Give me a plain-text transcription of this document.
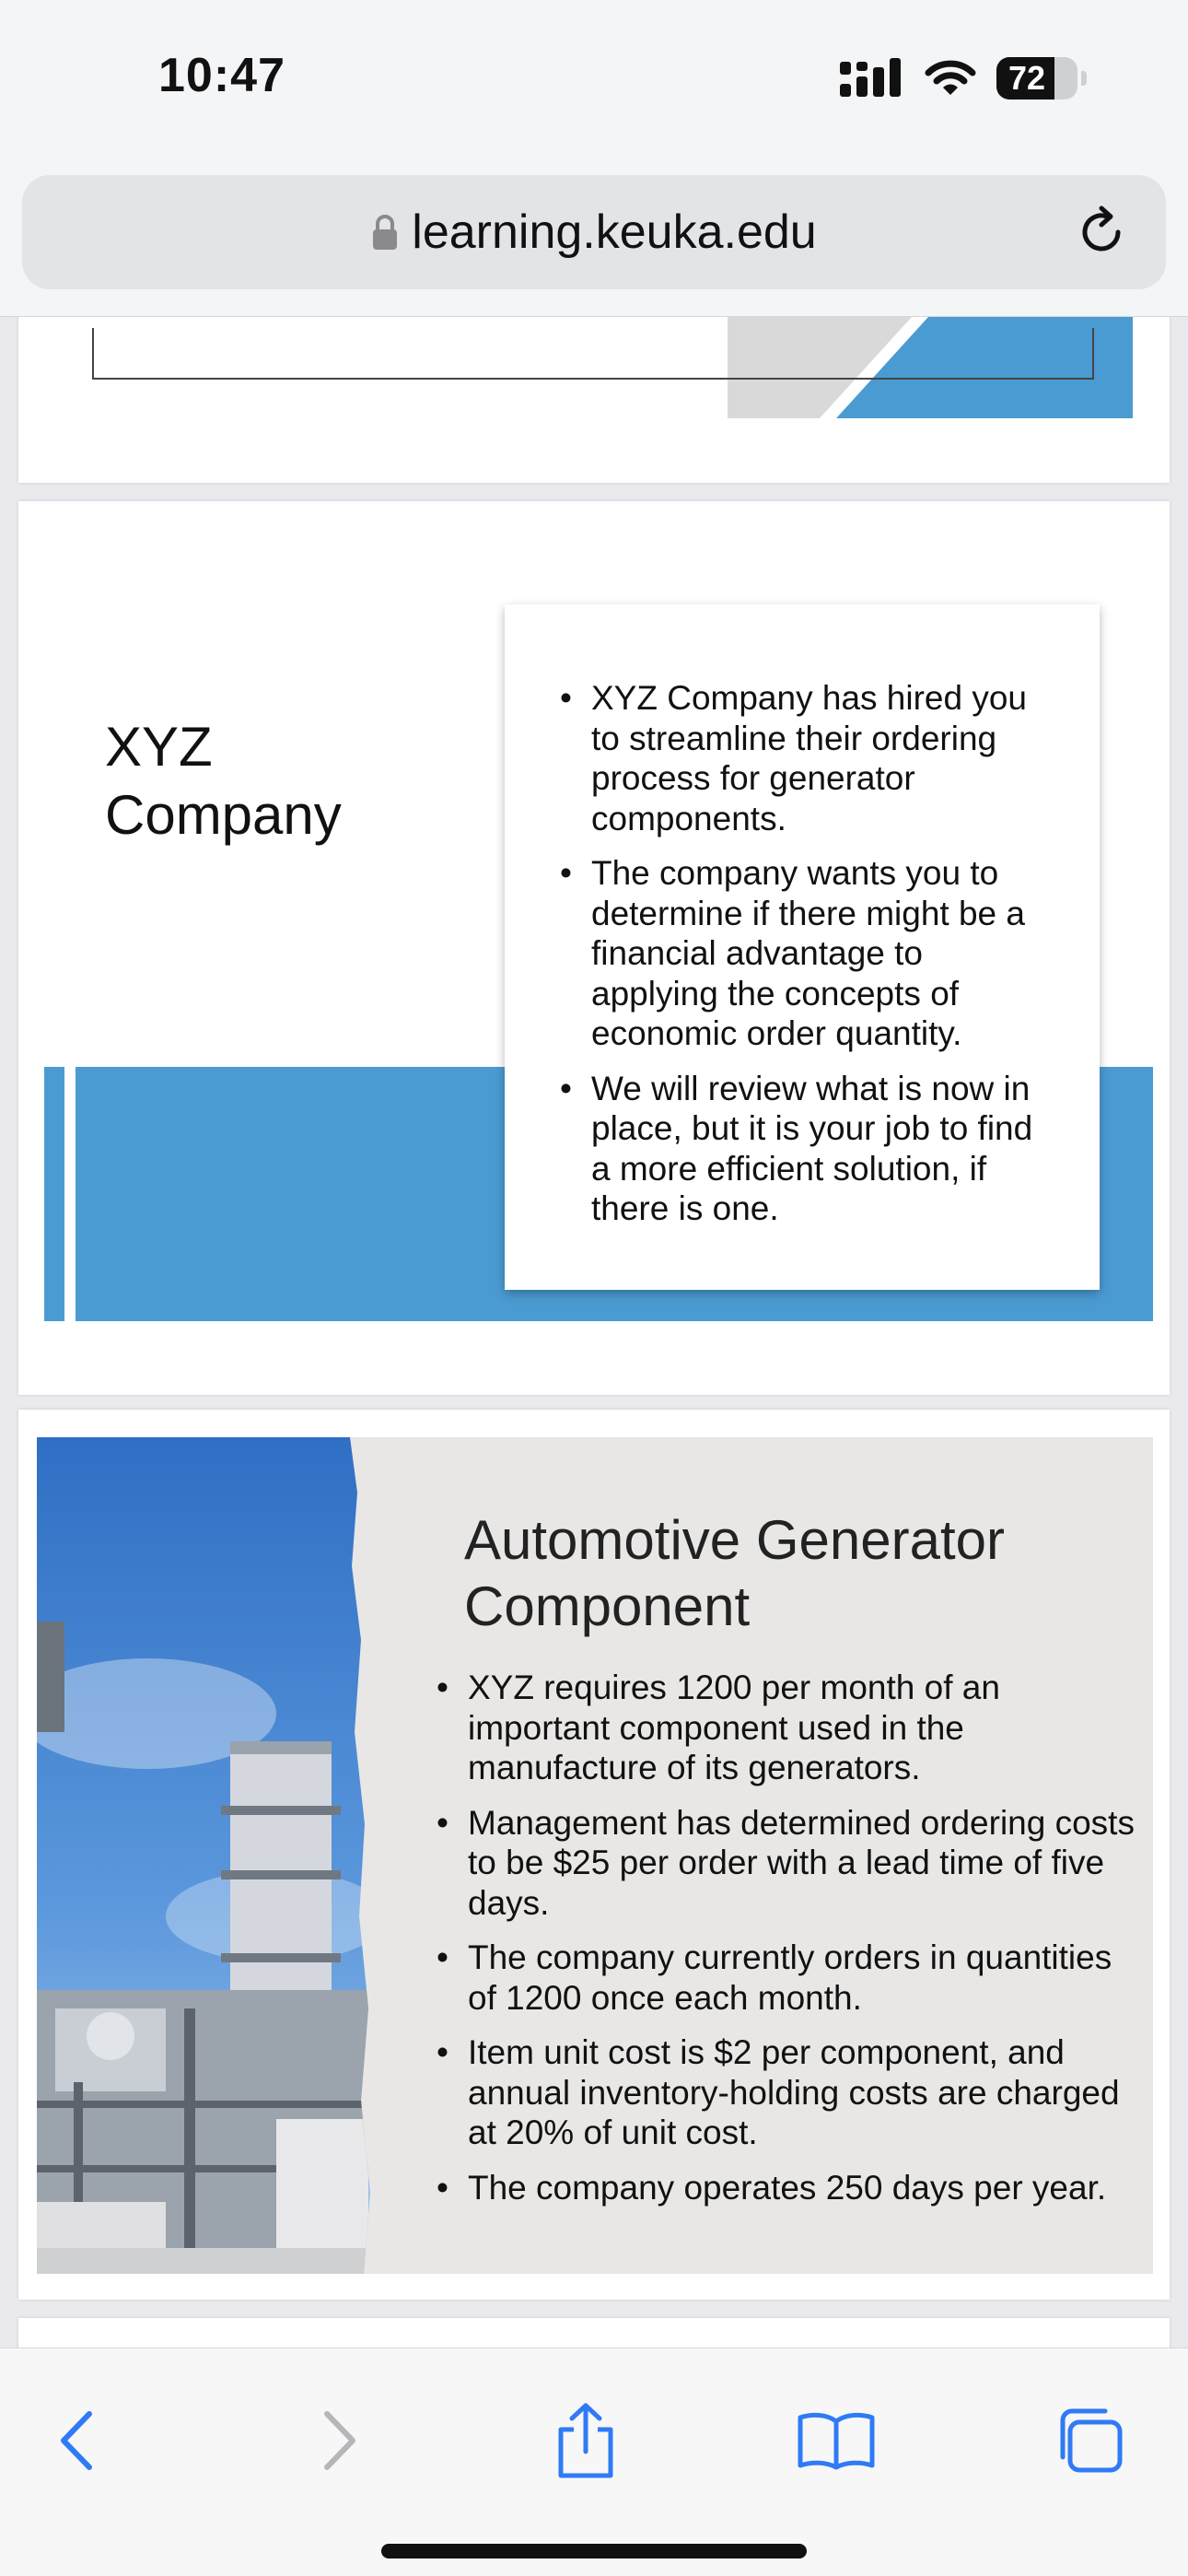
10:47	72
learning.keuka.edu
XYZ Company
• XYZ Company has hired you to streamline their ordering process for generator components.
• The company wants you to determine if there might be a financial advantage to applying the concepts of economic order quantity.
• We will review what is now in place, but it is your job to find a more efficient solution, if there is one.
Automotive Generator Component
• XYZ requires 1200 per month of an important component used in the manufacture of its generators.
• Management has determined ordering costs to be $25 per order with a lead time of five days.
• The company currently orders in quantities of 1200 once each month.
• Item unit cost is $2 per component, and annual inventory-holding costs are charged at 20% of unit cost.
• The company operates 250 days per year.
